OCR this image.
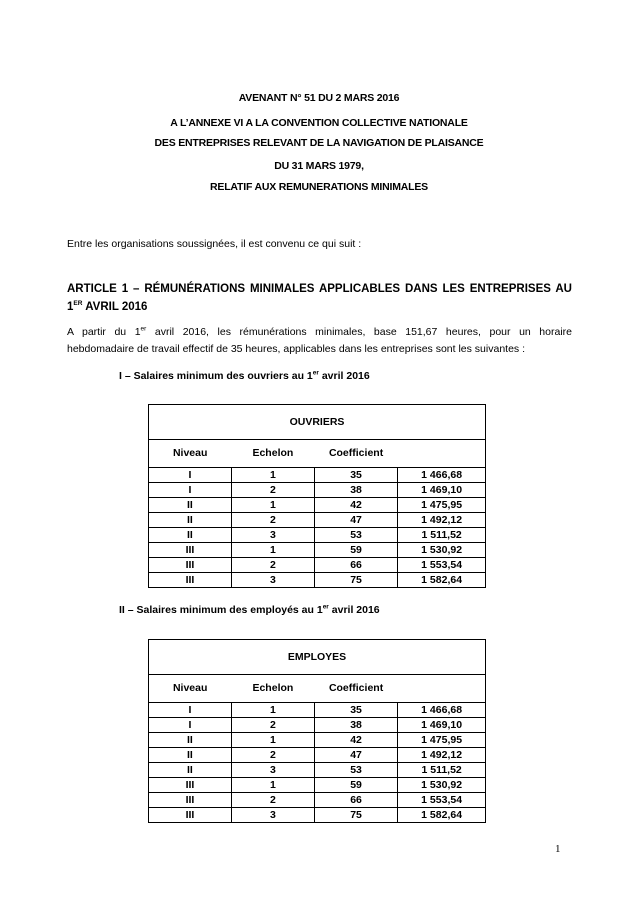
AVENANT N° 51 DU 2 MARS 2016
A L’ANNEXE VI A LA CONVENTION COLLECTIVE NATIONALE
DES ENTREPRISES RELEVANT DE LA NAVIGATION DE PLAISANCE
DU 31 MARS 1979,
RELATIF AUX REMUNERATIONS MINIMALES
Entre les organisations soussignées, il est convenu ce qui suit :
ARTICLE 1 – RÉMUNÉRATIONS MINIMALES APPLICABLES DANS LES ENTREPRISES AU
1ER AVRIL 2016
A partir du 1er avril 2016, les rémunérations minimales, base 151,67 heures, pour un horaire
hebdomadaire de travail effectif de 35 heures, applicables dans les entreprises sont les suivantes :
I – Salaires minimum des ouvriers au 1er avril 2016
OUVRIERS			
Niveau	Echelon	Coefficient	
I	1	35	1 466,68
I	2	38	1 469,10
II	1	42	1 475,95
II	2	47	1 492,12
II	3	53	1 511,52
III	1	59	1 530,92
III	2	66	1 553,54
III	3	75	1 582,64
II – Salaires minimum des employés au 1er avril 2016
EMPLOYES			
Niveau	Echelon	Coefficient	
I	1	35	1 466,68
I	2	38	1 469,10
II	1	42	1 475,95
II	2	47	1 492,12
II	3	53	1 511,52
III	1	59	1 530,92
III	2	66	1 553,54
III	3	75	1 582,64
1
